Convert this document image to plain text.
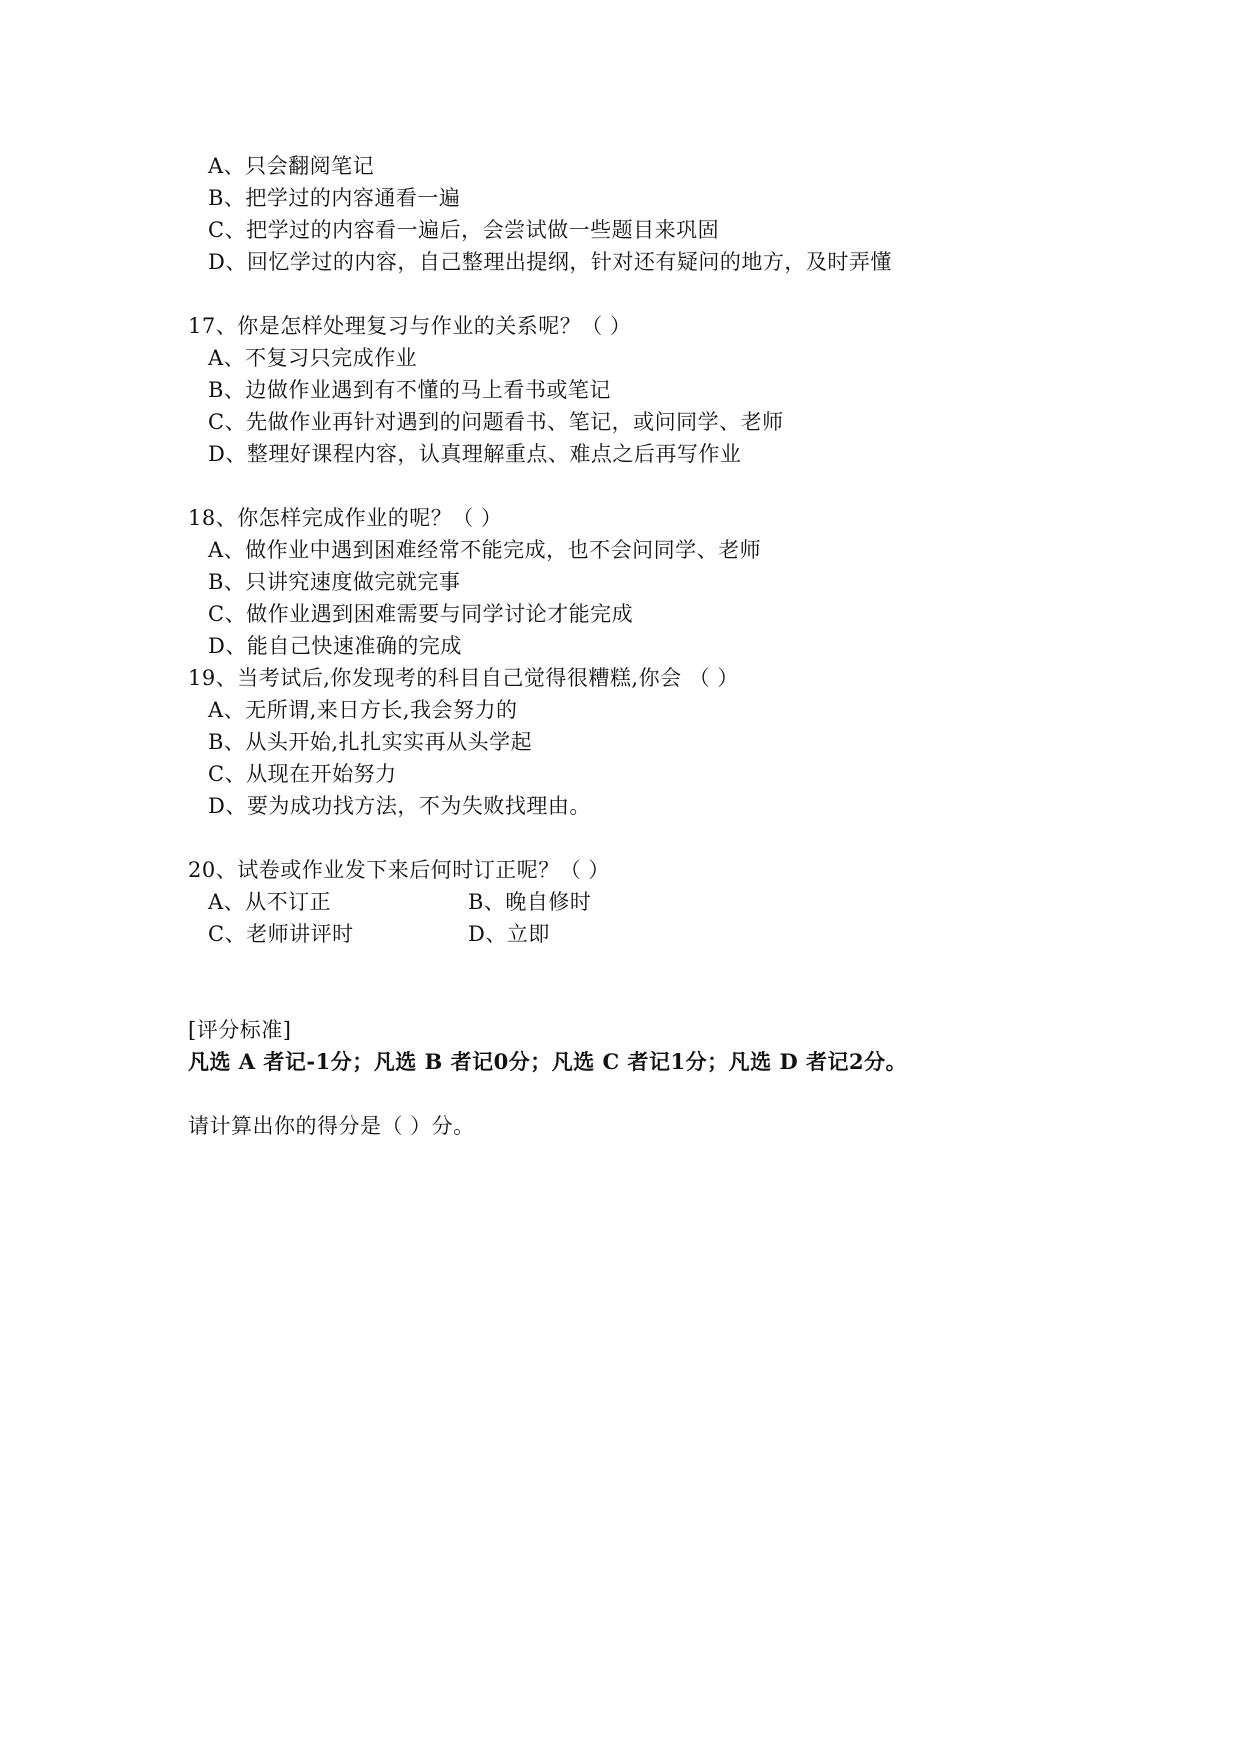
A、只会翻阅笔记
B、把学过的内容通看一遍
C、把学过的内容看一遍后，会尝试做一些题目来巩固
D、回忆学过的内容，自己整理出提纲，针对还有疑问的地方，及时弄懂
17、你是怎样处理复习与作业的关系呢？（ ）
A、不复习只完成作业
B、边做作业遇到有不懂的马上看书或笔记
C、先做作业再针对遇到的问题看书、笔记，或问同学、老师
D、整理好课程内容，认真理解重点、难点之后再写作业
18、你怎样完成作业的呢？（ ）
A、做作业中遇到困难经常不能完成，也不会问同学、老师
B、只讲究速度做完就完事
C、做作业遇到困难需要与同学讨论才能完成
D、能自己快速准确的完成
19、当考试后,你发现考的科目自己觉得很糟糕,你会 （ ）
A、无所谓,来日方长,我会努力的
B、从头开始,扎扎实实再从头学起
C、从现在开始努力
D、要为成功找方法，不为失败找理由。
20、试卷或作业发下来后何时订正呢？（ ）
A、从不订正	B、晚自修时
C、老师讲评时	D、立即
[评分标准]
凡选 A 者记-1分；凡选 B 者记0分；凡选 C 者记1分；凡选 D 者记2分。
请计算出你的得分是（ ）分。
